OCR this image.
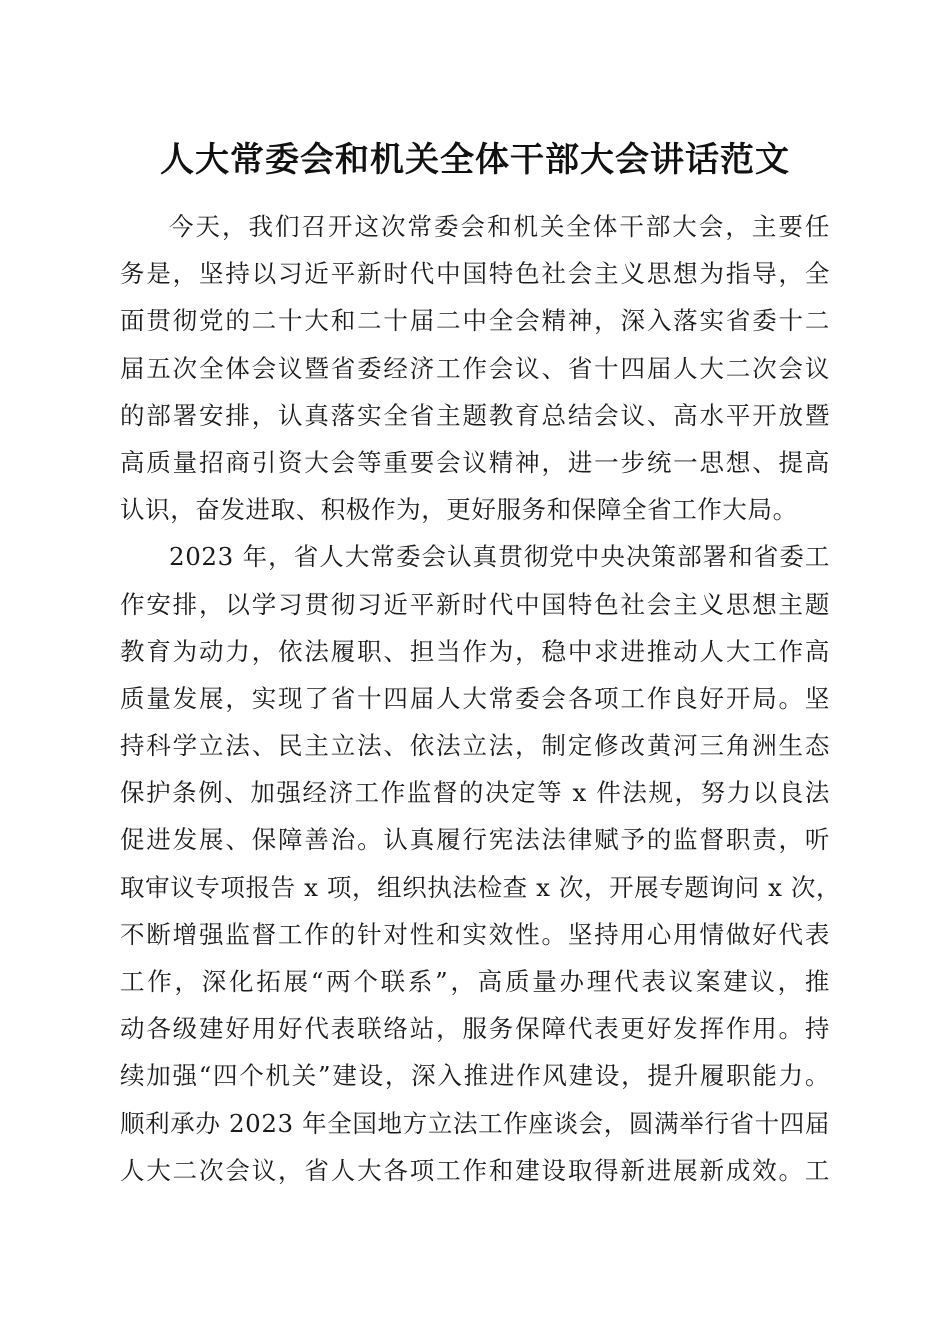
人大常委会和机关全体干部大会讲话范文
今天，我们召开这次常委会和机关全体干部大会，主要任
务是，坚持以习近平新时代中国特色社会主义思想为指导，全
面贯彻党的二十大和二十届二中全会精神，深入落实省委十二
届五次全体会议暨省委经济工作会议、省十四届人大二次会议
的部署安排，认真落实全省主题教育总结会议、高水平开放暨
高质量招商引资大会等重要会议精神，进一步统一思想、提高
认识，奋发进取、积极作为，更好服务和保障全省工作大局。
2023 年，省人大常委会认真贯彻党中央决策部署和省委工
作安排，以学习贯彻习近平新时代中国特色社会主义思想主题
教育为动力，依法履职、担当作为，稳中求进推动人大工作高
质量发展，实现了省十四届人大常委会各项工作良好开局。坚
持科学立法、民主立法、依法立法，制定修改黄河三角洲生态
保护条例、加强经济工作监督的决定等 x 件法规，努力以良法
促进发展、保障善治。认真履行宪法法律赋予的监督职责，听
取审议专项报告 x 项，组织执法检查 x 次，开展专题询问 x 次，
不断增强监督工作的针对性和实效性。坚持用心用情做好代表
工作，深化拓展“两个联系”，高质量办理代表议案建议，推
动各级建好用好代表联络站，服务保障代表更好发挥作用。持
续加强“四个机关”建设，深入推进作风建设，提升履职能力。
顺利承办 2023 年全国地方立法工作座谈会，圆满举行省十四届
人大二次会议，省人大各项工作和建设取得新进展新成效。工
